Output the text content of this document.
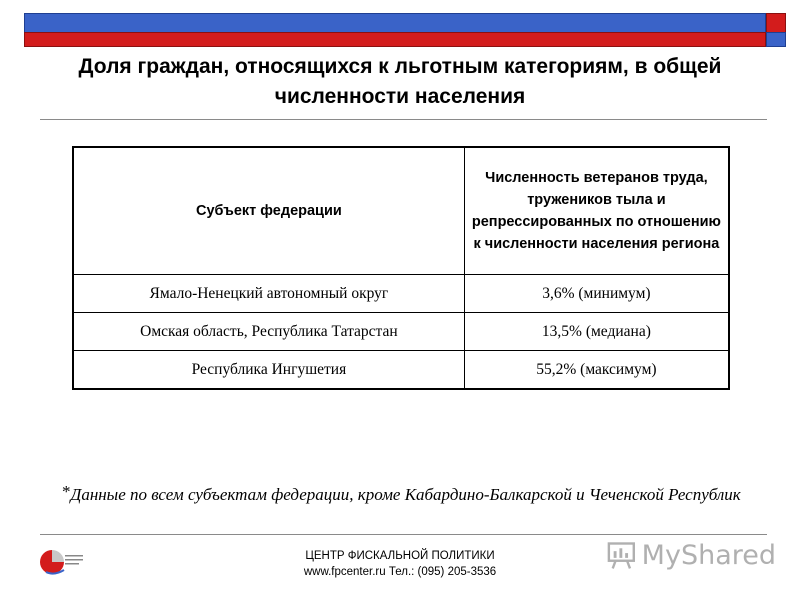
Доля граждан, относящихся к льготным категориям, в общей численности населения
Субъект федерации	Численность ветеранов труда, тружеников тыла и репрессированных по отношению к численности населения региона
Ямало-Ненецкий автономный округ	3,6% (минимум)
Омская область, Республика Татарстан	13,5% (медиана)
Республика Ингушетия	55,2% (максимум)
*Данные по всем субъектам федерации, кроме Кабардино-Балкарской и Чеченской Республик
ЦЕНТР ФИСКАЛЬНОЙ ПОЛИТИКИ
www.fpcenter.ru Тел.: (095) 205-3536
MyShared
